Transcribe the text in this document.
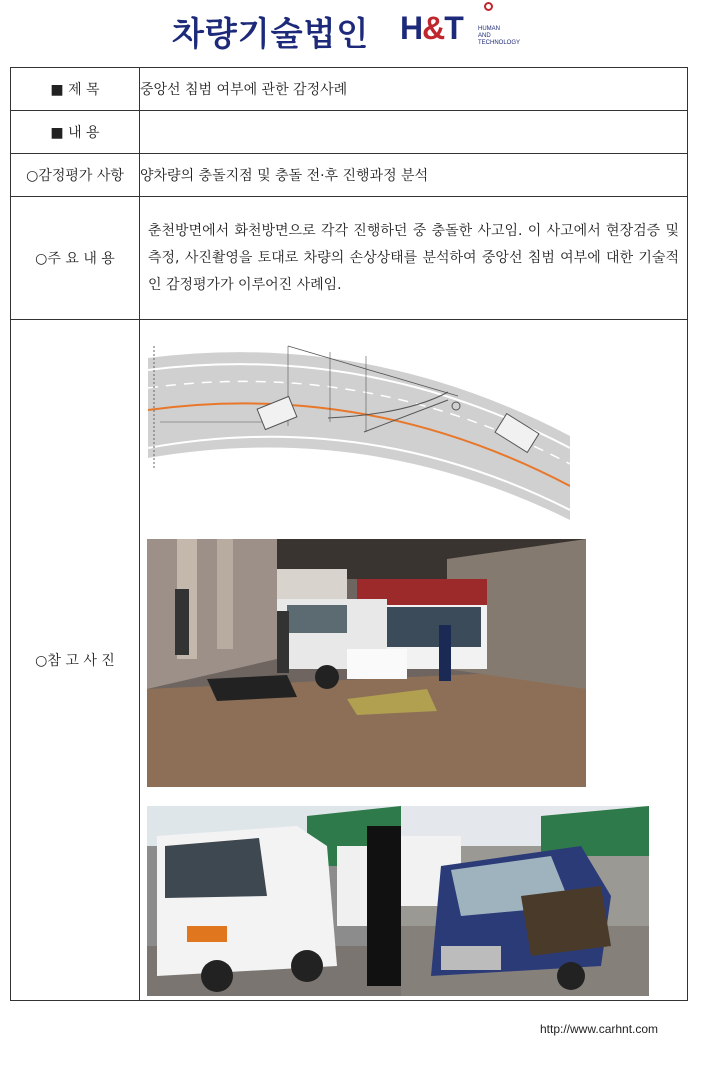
차량기술법인 H&T	HUMAN
AND
TECHNOLOGY
■ 제 목	중앙선 침범 여부에 관한 감정사례
■ 내 용	
○감정평가 사항	양차량의 충돌지점 및 충돌 전·후 진행과정 분석
○주 요 내 용	춘천방면에서 화천방면으로 각각 진행하던 중 충돌한 사고임. 이 사고에서 현장검증 및 측정, 사진촬영을 토대로 차량의 손상상태를 분석하여 중앙선 침범 여부에 대한 기술적인 감정평가가 이루어진 사례임.

○참 고 사 진	
http://www.carhnt.com
